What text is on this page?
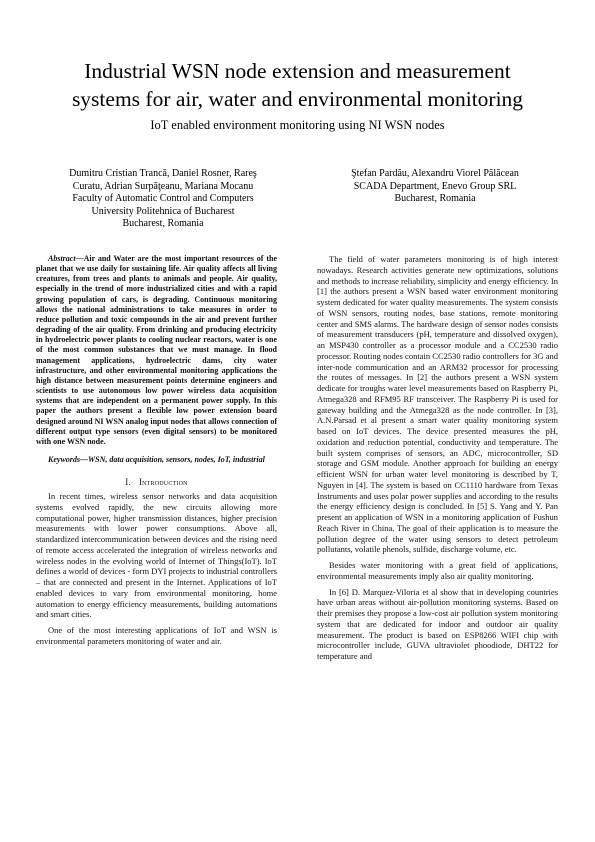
Industrial WSN node extension and measurement
systems for air, water and environmental monitoring
IoT enabled environment monitoring using NI WSN nodes
Dumitru Cristian Trancă, Daniel Rosner, Rareş
Curatu, Adrian Surpăţeanu, Mariana Mocanu
Faculty of Automatic Control and Computers
University Politehnica of Bucharest
Bucharest, Romania
Ştefan Pardău, Alexandru Viorel Pălăcean
SCADA Department, Enevo Group SRL
Bucharest, Romania

Abstract—Air and Water are the most important resources of the planet that we use daily for sustaining life. Air quality affects all living creatures, from trees and plants to animals and people. Air quality, especially in the trend of more industrialized cities and with a rapid growing population of cars, is degrading. Continuous monitoring allows the national administrations to take measures in order to reduce pollution and toxic compounds in the air and prevent further degrading of the air quality. From drinking and producing electricity in hydroelectric power plants to cooling nuclear reactors, water is one of the most common substances that we must manage. In flood management applications, hydroelectric dams, city water infrastructure, and other environmental monitoring applications the high distance between measurement points determine engineers and scientists to use autonomous low power wireless data acquisition systems that are independent on a permanent power supply. In this paper the authors present a flexible low power extension board designed around NI WSN analog input nodes that allows connection of different output type sensors (even digital sensors) to be monitored with one WSN node.

Keywords—WSN, data acquisition, sensors, nodes, IoT, industrial

I. Introduction

In recent times, wireless sensor networks and data acquisition systems evolved rapidly, the new circuits allowing more computational power, higher transmission distances, higher precision measurements with lower power consumptions. Above all, standardized intercommunication between devices and the rising need of remote access accelerated the integration of wireless networks and wireless nodes in the evolving world of Internet of Things(IoT). IoT defines a world of devices - form DYI projects to industrial controllers – that are connected and present in the Internet. Applications of IoT enabled devices to vary from environmental monitoring, home automation to energy efficiency measurements, building automations and smart cities.

One of the most interesting applications of IoT and WSN is environmental parameters monitoring of water and air.

The field of water parameters monitoring is of high interest nowadays. Research activities generate new optimizations, solutions and methods to increase reliability, simplicity and energy efficiency. In [1] the authors present a WSN based water environment monitoring system dedicated for water quality measurements. The system consists of WSN sensors, routing nodes, base stations, remote monitoring center and SMS alarms. The hardware design of sensor nodes consists of measurement transducers (pH, temperature and dissolved oxygen), an MSP430 controller as a processor module and a CC2530 radio processor. Routing nodes contain CC2530 radio controllers for 3G and inter-node communication and an ARM32 processor for processing the routes of messages. In [2] the authors present a WSN system dedicate for troughs water level measurements based on Raspberry Pi, Atmega328 and RFM95 RF transceiver. The Raspberry Pi is used for gateway building and the Atmega328 as the node controller. In [3], A.N.Parsad et al present a smart water quality monitoring system based on IoT devices. The device presented measures the pH, oxidation and reduction potential, conductivity and temperature. The built system comprises of sensors, an ADC, microcontroller, SD storage and GSM module. Another approach for building an energy efficient WSN for urban water level monitoring is described by T, Nguyen in [4]. The system is based on CC1110 hardware from Texas Instruments and uses polar power supplies and according to the results the energy efficiency design is concluded. In [5] S. Yang and Y. Pan present an application of WSN in a monitoring application of Fushun Reach River in China. The goal of their application is to measure the pollution degree of the water using sensors to detect petroleum pollutants, volatile phenols, sulfide, discharge volume, etc.

Besides water monitoring with a great field of applications, environmental measurements imply also air quality monitoring.

In [6] D. Marquez-Viloria et al show that in developing countries have urban areas without air-pollution monitoring systems. Based on their premises they propose a low-cost air pollution system monitoring system that are dedicated for indoor and outdoor air quality measurement. The product is based on ESP8266 WIFI chip with microcontroller include, GUVA ultraviolet phoodiode, DHT22 for temperature and
